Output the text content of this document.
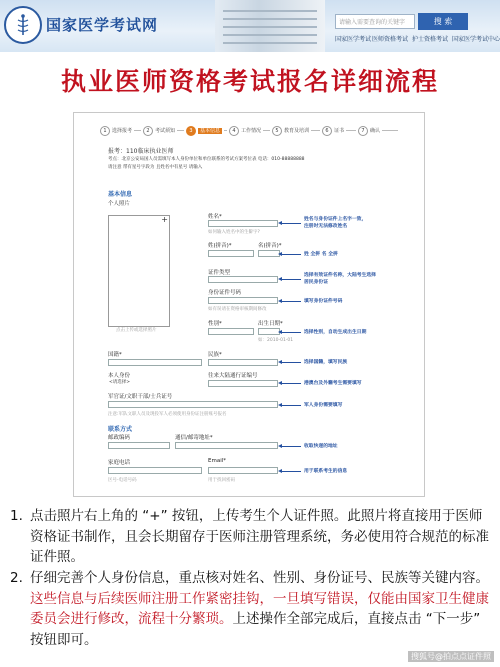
国家医学考试网	请输入需要查询的关键字	搜 索
国家医学考试 医师资格考试 护士资格考试 国家医学考试中心
执业医师资格考试报名详细流程
1 选择报考	2 考试须知	3 基本信息	4 工作情况	5 教育及培训	6 证书	7 确认
报考：110临床执业医师
考点：北京公安局国人员需填写本人身份单位和单位联系的考试方案考位表 电话：010-88888888
请注意 带有星号字段为 且姓名中有星号 请输入
基本信息
个人照片
+
点击上传或选择照片
姓名*
如何输入姓名中的生僻字?
姓(拼音)*	名(拼音)*
证件类型
身份证件号码
如有误请在资格审核期间修改
性别*	出生日期*
如：2010-01-01
国籍*	民族*
本人身份	往来大陆通行证编号
<请选择>
军官证/文职干部/士兵证号
注意:军队文职人员及现役军人必须使用身份证注册账号报名
联系方式
邮政编码	通信/邮寄地址*
家庭电话	Email*
区号-电话号码	用于找回密码
姓名与身份证件上名字一致，
注册时无法修改姓名
姓 全拼 名 全拼
选择有效证件名称，大陆考生选择
居民身份证
填写身份证件号码
选择性别，自动生成出生日期
选择国籍，填写民族
港澳台及外籍考生需要填写
军人身份需要填写
收取快递的地址
用于联系考生的信息
1. 点击照片右上角的 “+” 按钮，上传考生个人证件照。此照片将直接用于医师资格证书制作，且会长期留存于医师注册管理系统，务必使用符合规范的标准证件照。
2. 仔细完善个人身份信息，重点核对姓名、性别、身份证号、民族等关键内容。这些信息与后续医师注册工作紧密挂钩，一旦填写错误，仅能由国家卫生健康委员会进行修改，流程十分繁琐。上述操作全部完成后，直接点击 “下一步” 按钮即可。
搜狐号@拍点点证件照
